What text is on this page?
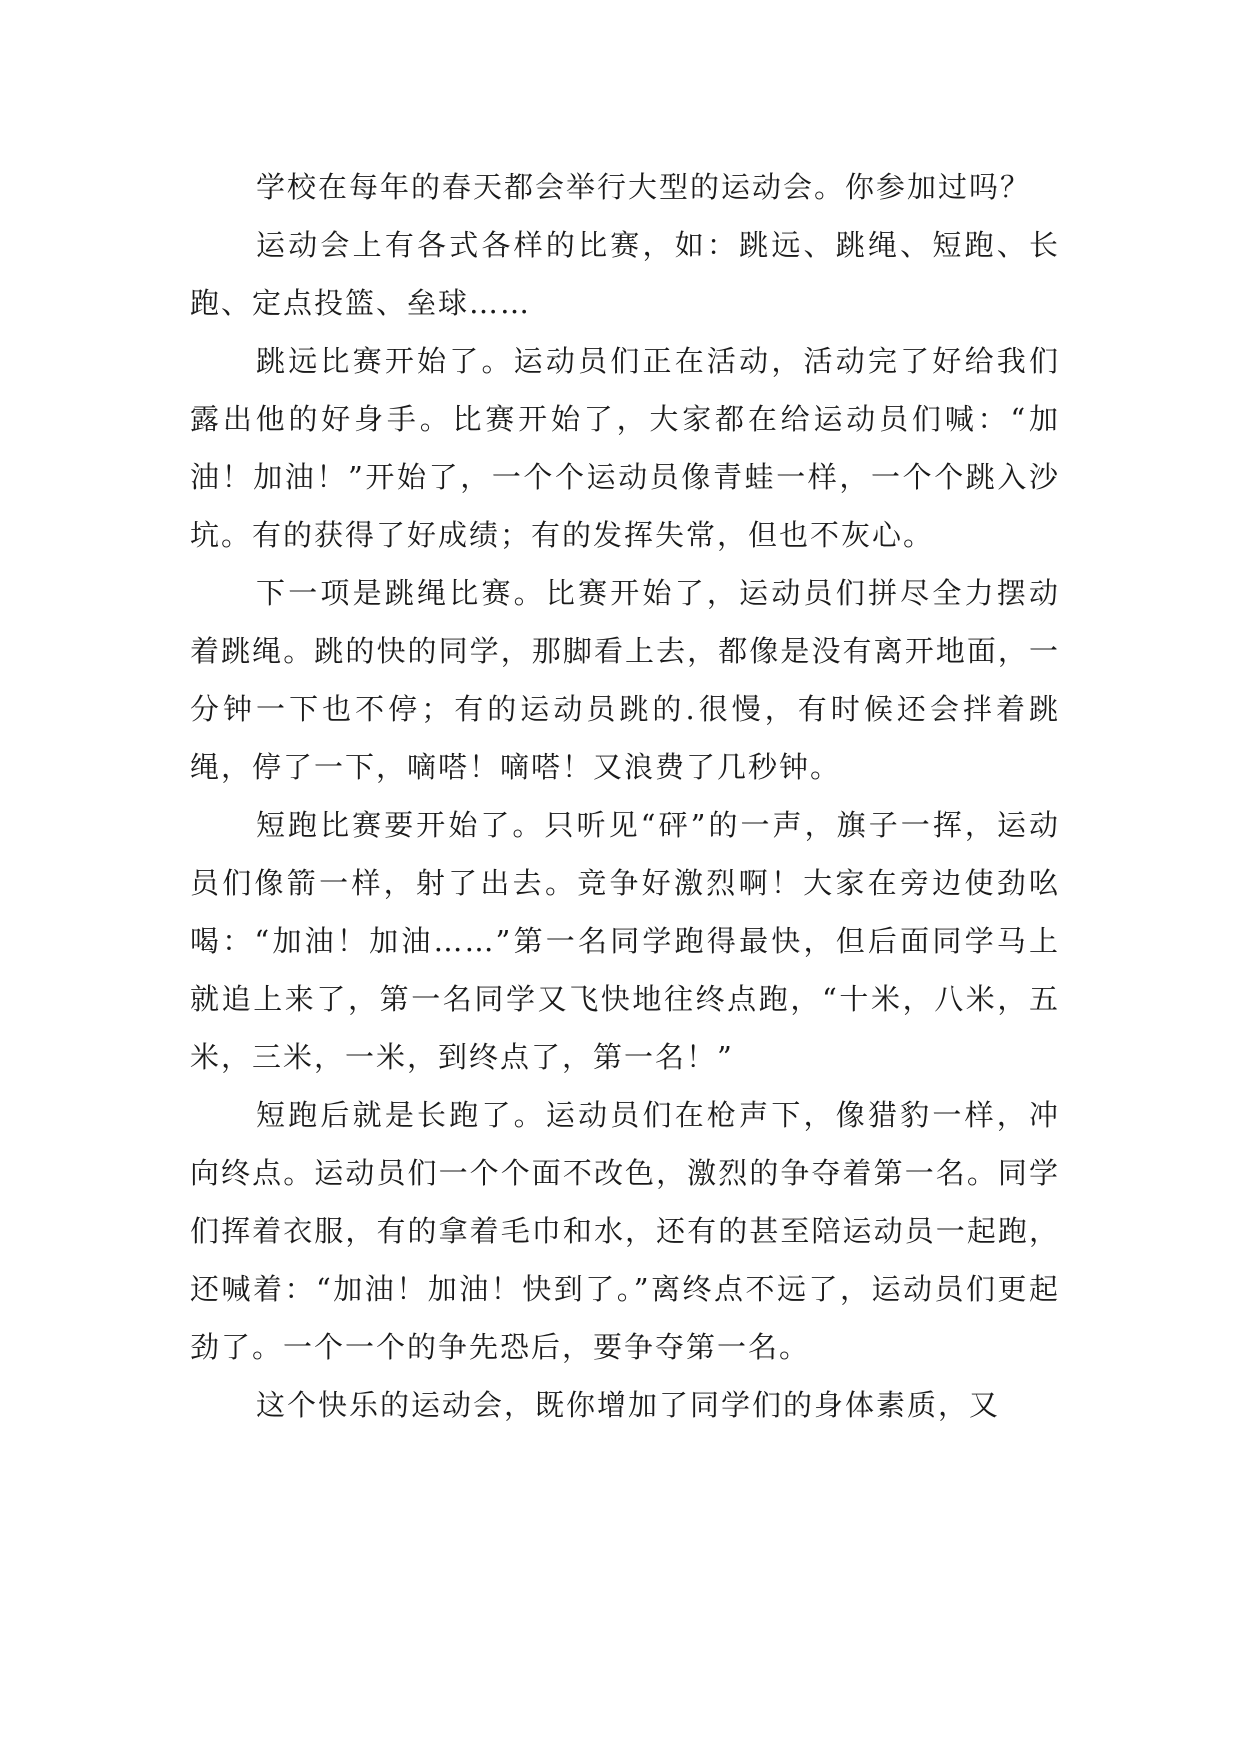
学校在每年的春天都会举行大型的运动会。你参加过吗？

运动会上有各式各样的比赛，如：跳远、跳绳、短跑、长跑、定点投篮、垒球……

跳远比赛开始了。运动员们正在活动，活动完了好给我们露出他的好身手。比赛开始了，大家都在给运动员们喊：“加油！加油！”开始了，一个个运动员像青蛙一样，一个个跳入沙坑。有的获得了好成绩；有的发挥失常，但也不灰心。

下一项是跳绳比赛。比赛开始了，运动员们拼尽全力摆动着跳绳。跳的快的同学，那脚看上去，都像是没有离开地面，一分钟一下也不停；有的运动员跳的.很慢，有时候还会拌着跳绳，停了一下，嘀嗒！嘀嗒！又浪费了几秒钟。

短跑比赛要开始了。只听见“砰”的一声，旗子一挥，运动员们像箭一样，射了出去。竞争好激烈啊！大家在旁边使劲吆喝：“加油！加油……”第一名同学跑得最快，但后面同学马上就追上来了，第一名同学又飞快地往终点跑，“十米，八米，五米，三米，一米，到终点了，第一名！”

短跑后就是长跑了。运动员们在枪声下，像猎豹一样，冲向终点。运动员们一个个面不改色，激烈的争夺着第一名。同学们挥着衣服，有的拿着毛巾和水，还有的甚至陪运动员一起跑，还喊着：“加油！加油！快到了。”离终点不远了，运动员们更起劲了。一个一个的争先恐后，要争夺第一名。

这个快乐的运动会，既你增加了同学们的身体素质，又
